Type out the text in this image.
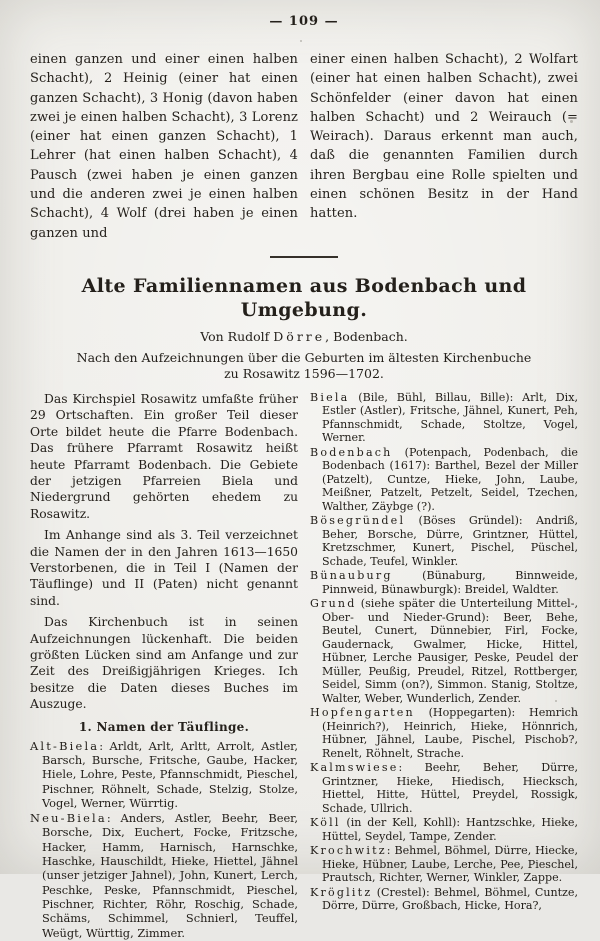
— 109 —

einen ganzen und einer einen halben Schacht), 2 Heinig (einer hat einen ganzen Schacht), 3 Honig (davon haben zwei je einen halben Schacht), 3 Lorenz (einer hat einen ganzen Schacht), 1 Lehrer (hat einen halben Schacht), 4 Pausch (zwei haben je einen ganzen und die anderen zwei je einen halben Schacht), 4 Wolf (drei haben je einen ganzen und

einer einen halben Schacht), 2 Wolfart (einer hat einen halben Schacht), zwei Schönfelder (einer davon hat einen halben Schacht) und 2 Weirauch (= Weirach). Daraus erkennt man auch, daß die genannten Familien durch ihren Bergbau eine Rolle spielten und einen schönen Besitz in der Hand hatten.

Alte Familiennamen aus Bodenbach und Umgebung.
Von Rudolf Dörre, Bodenbach.
Nach den Aufzeichnungen über die Geburten im ältesten Kirchenbuche
zu Rosawitz 1596—1702.

Das Kirchspiel Rosawitz umfaßte früher 29 Ortschaften. Ein großer Teil dieser Orte bildet heute die Pfarre Bodenbach. Das frühere Pfarramt Rosawitz heißt heute Pfarramt Bodenbach. Die Gebiete der jetzigen Pfarreien Biela und Niedergrund gehörten ehedem zu Rosawitz.

Im Anhange sind als 3. Teil verzeichnet die Namen der in den Jahren 1613—1650 Verstorbenen, die in Teil I (Namen der Täuflinge) und II (Paten) nicht genannt sind.

Das Kirchenbuch ist in seinen Aufzeichnungen lückenhaft. Die beiden größten Lücken sind am Anfange und zur Zeit des Dreißigjährigen Krieges. Ich besitze die Daten dieses Buches im Auszuge.

1. Namen der Täuflinge.
Alt-Biela: Arldt, Arlt, Arltt, Arrolt, Astler, Barsch, Bursche, Fritsche, Gaube, Hacker, Hiele, Lohre, Peste, Pfannschmidt, Pieschel, Pischner, Röhnelt, Schade, Stelzig, Stolze, Vogel, Werner, Würrtig.
Neu-Biela: Anders, Astler, Beehr, Beer, Borsche, Dix, Euchert, Focke, Fritzsche, Hacker, Hamm, Harnisch, Harnschke, Haschke, Hauschildt, Hieke, Hiettel, Jähnel (unser jetziger Jahnel), John, Kunert, Lerch, Peschke, Peske, Pfannschmidt, Pieschel, Pischner, Richter, Röhr, Roschig, Schade, Schäms, Schimmel, Schnierl, Teuffel, Weügt, Württig, Zimmer.
Biela (Bile, Bühl, Billau, Bille): Arlt, Dix, Estler (Astler), Fritsche, Jähnel, Kunert, Peh, Pfannschmidt, Schade, Stoltze, Vogel, Werner.
Bodenbach (Potenpach, Podenbach, die Bodenbach (1617): Barthel, Bezel der Miller (Patzelt), Cuntze, Hieke, John, Laube, Meißner, Patzelt, Petzelt, Seidel, Tzechen, Walther, Zäybge (?).
Bösegründel (Böses Gründel): Andriß, Beher, Borsche, Dürre, Grintzner, Hüttel, Kretzschmer, Kunert, Pischel, Püschel, Schade, Teufel, Winkler.
Bünauburg (Bünaburg, Binnweide, Pinnweid, Bünawburgk): Breidel, Waldter.
Grund (siehe später die Unterteilung Mittel-, Ober- und Nieder-Grund): Beer, Behe, Beutel, Cunert, Dünnebier, Firl, Focke, Gaudernack, Gwalmer, Hicke, Hittel, Hübner, Lerche Pausiger, Peske, Peudel der Müller, Peußig, Preudel, Ritzel, Rottberger, Seidel, Simm (on?), Simmon. Stanig, Stoltze, Walter, Weber, Wunderlich, Zender.
Hopfengarten (Hoppegarten): Hemrich (Heinrich?), Heinrich, Hieke, Hönnrich, Hübner, Jähnel, Laube, Pischel, Pischob?, Renelt, Röhnelt, Strache.
Kalmswiese: Beehr, Beher, Dürre, Grintzner, Hieke, Hiedisch, Hiecksch, Hiettel, Hitte, Hüttel, Preydel, Rossigk, Schade, Ullrich.
Köll (in der Kell, Kohll): Hantzschke, Hieke, Hüttel, Seydel, Tampe, Zender.
Krochwitz: Behmel, Böhmel, Dürre, Hiecke, Hieke, Hübner, Laube, Lerche, Pee, Pieschel, Prautsch, Richter, Werner, Winkler, Zappe.
Kröglitz (Crestel): Behmel, Böhmel, Cuntze, Dörre, Dürre, Großbach, Hicke, Hora?,
